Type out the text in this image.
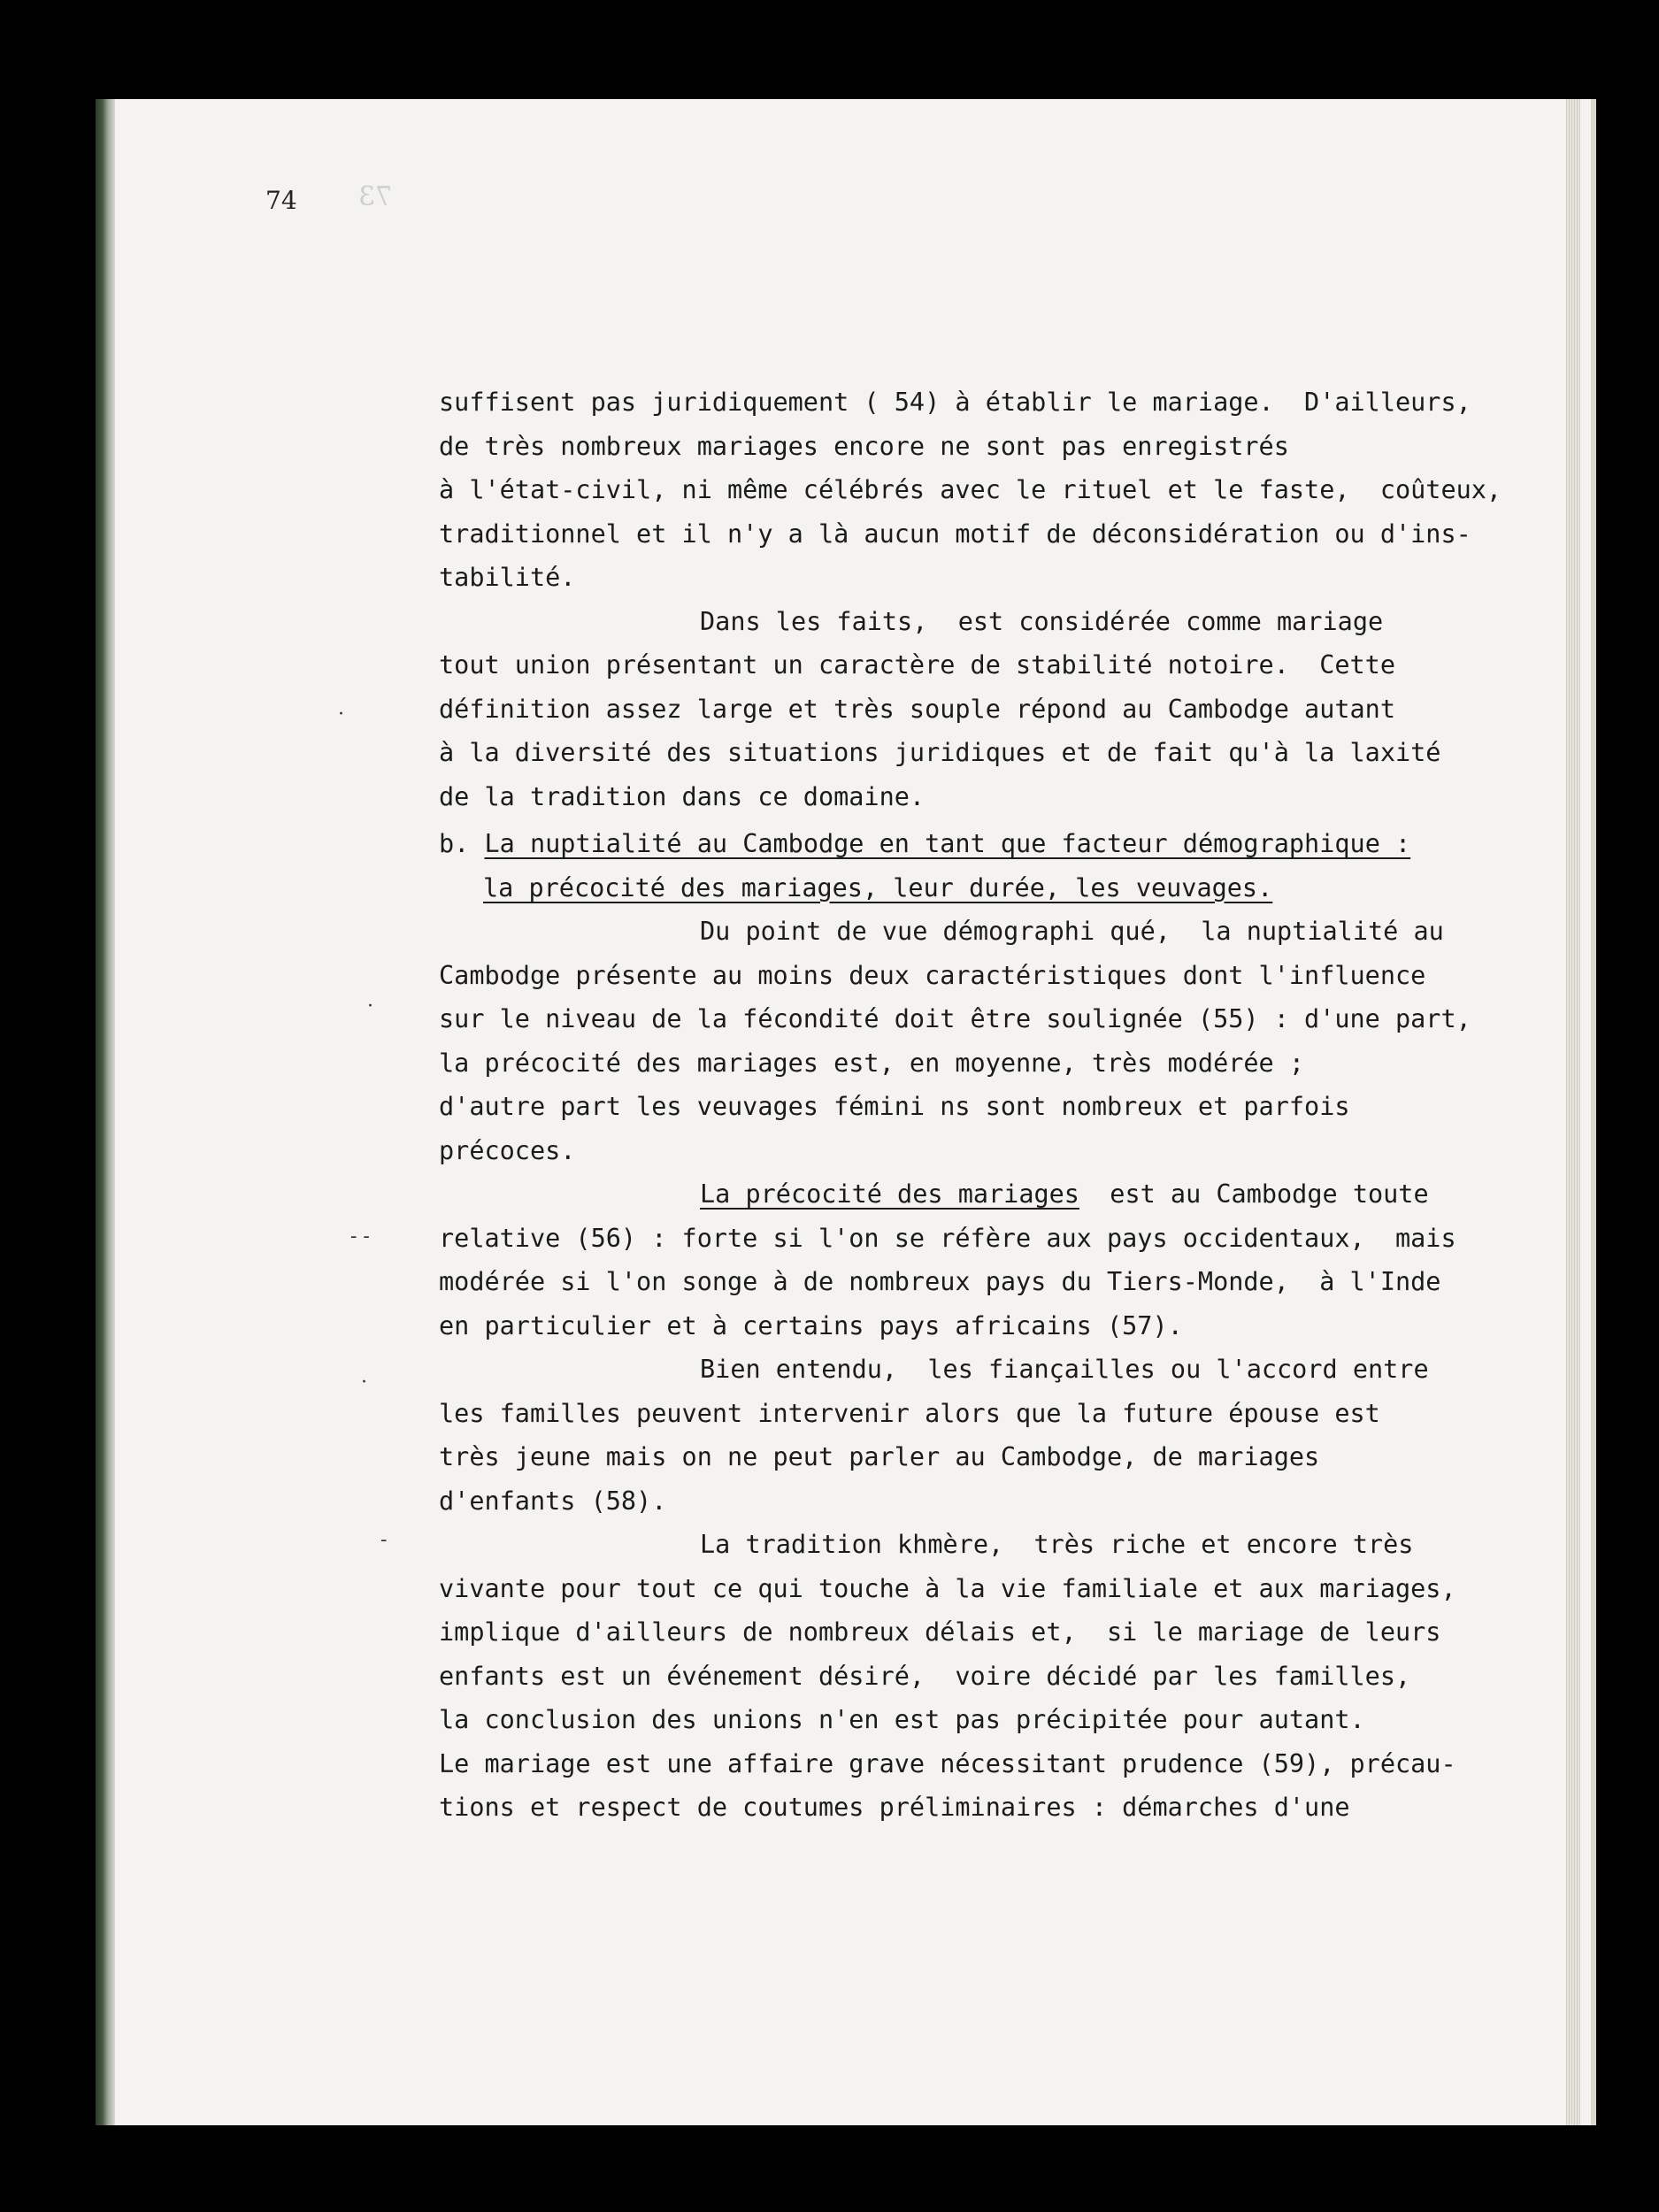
73
74
suffisent pas juridiquement ( 54) à établir le mariage.  D'ailleurs,
de très nombreux mariages encore ne sont pas enregistrés
à l'état-civil, ni même célébrés avec le rituel et le faste,  coûteux,
traditionnel et il n'y a là aucun motif de déconsidération ou d'ins-
tabilité.
Dans les faits,  est considérée comme mariage
tout union présentant un caractère de stabilité notoire.  Cette
définition assez large et très souple répond au Cambodge autant
à la diversité des situations juridiques et de fait qu'à la laxité
de la tradition dans ce domaine.
b. La nuptialité au Cambodge en tant que facteur démographique :
la précocité des mariages, leur durée, les veuvages.
Du point de vue démographi qué,  la nuptialité au
Cambodge présente au moins deux caractéristiques dont l'influence
sur le niveau de la fécondité doit être soulignée (55) : d'une part,
la précocité des mariages est, en moyenne, très modérée ;
d'autre part les veuvages fémini ns sont nombreux et parfois
précoces.
La précocité des mariages  est au Cambodge toute
relative (56) : forte si l'on se réfère aux pays occidentaux,  mais
modérée si l'on songe à de nombreux pays du Tiers-Monde,  à l'Inde
en particulier et à certains pays africains (57).
Bien entendu,  les fiançailles ou l'accord entre
les familles peuvent intervenir alors que la future épouse est
très jeune mais on ne peut parler au Cambodge, de mariages
d'enfants (58).
La tradition khmère,  très riche et encore très
vivante pour tout ce qui touche à la vie familiale et aux mariages,
implique d'ailleurs de nombreux délais et,  si le mariage de leurs
enfants est un événement désiré,  voire décidé par les familles,
la conclusion des unions n'en est pas précipitée pour autant.
Le mariage est une affaire grave nécessitant prudence (59), précau-
tions et respect de coutumes préliminaires : démarches d'une
·
·
- -
·
-
